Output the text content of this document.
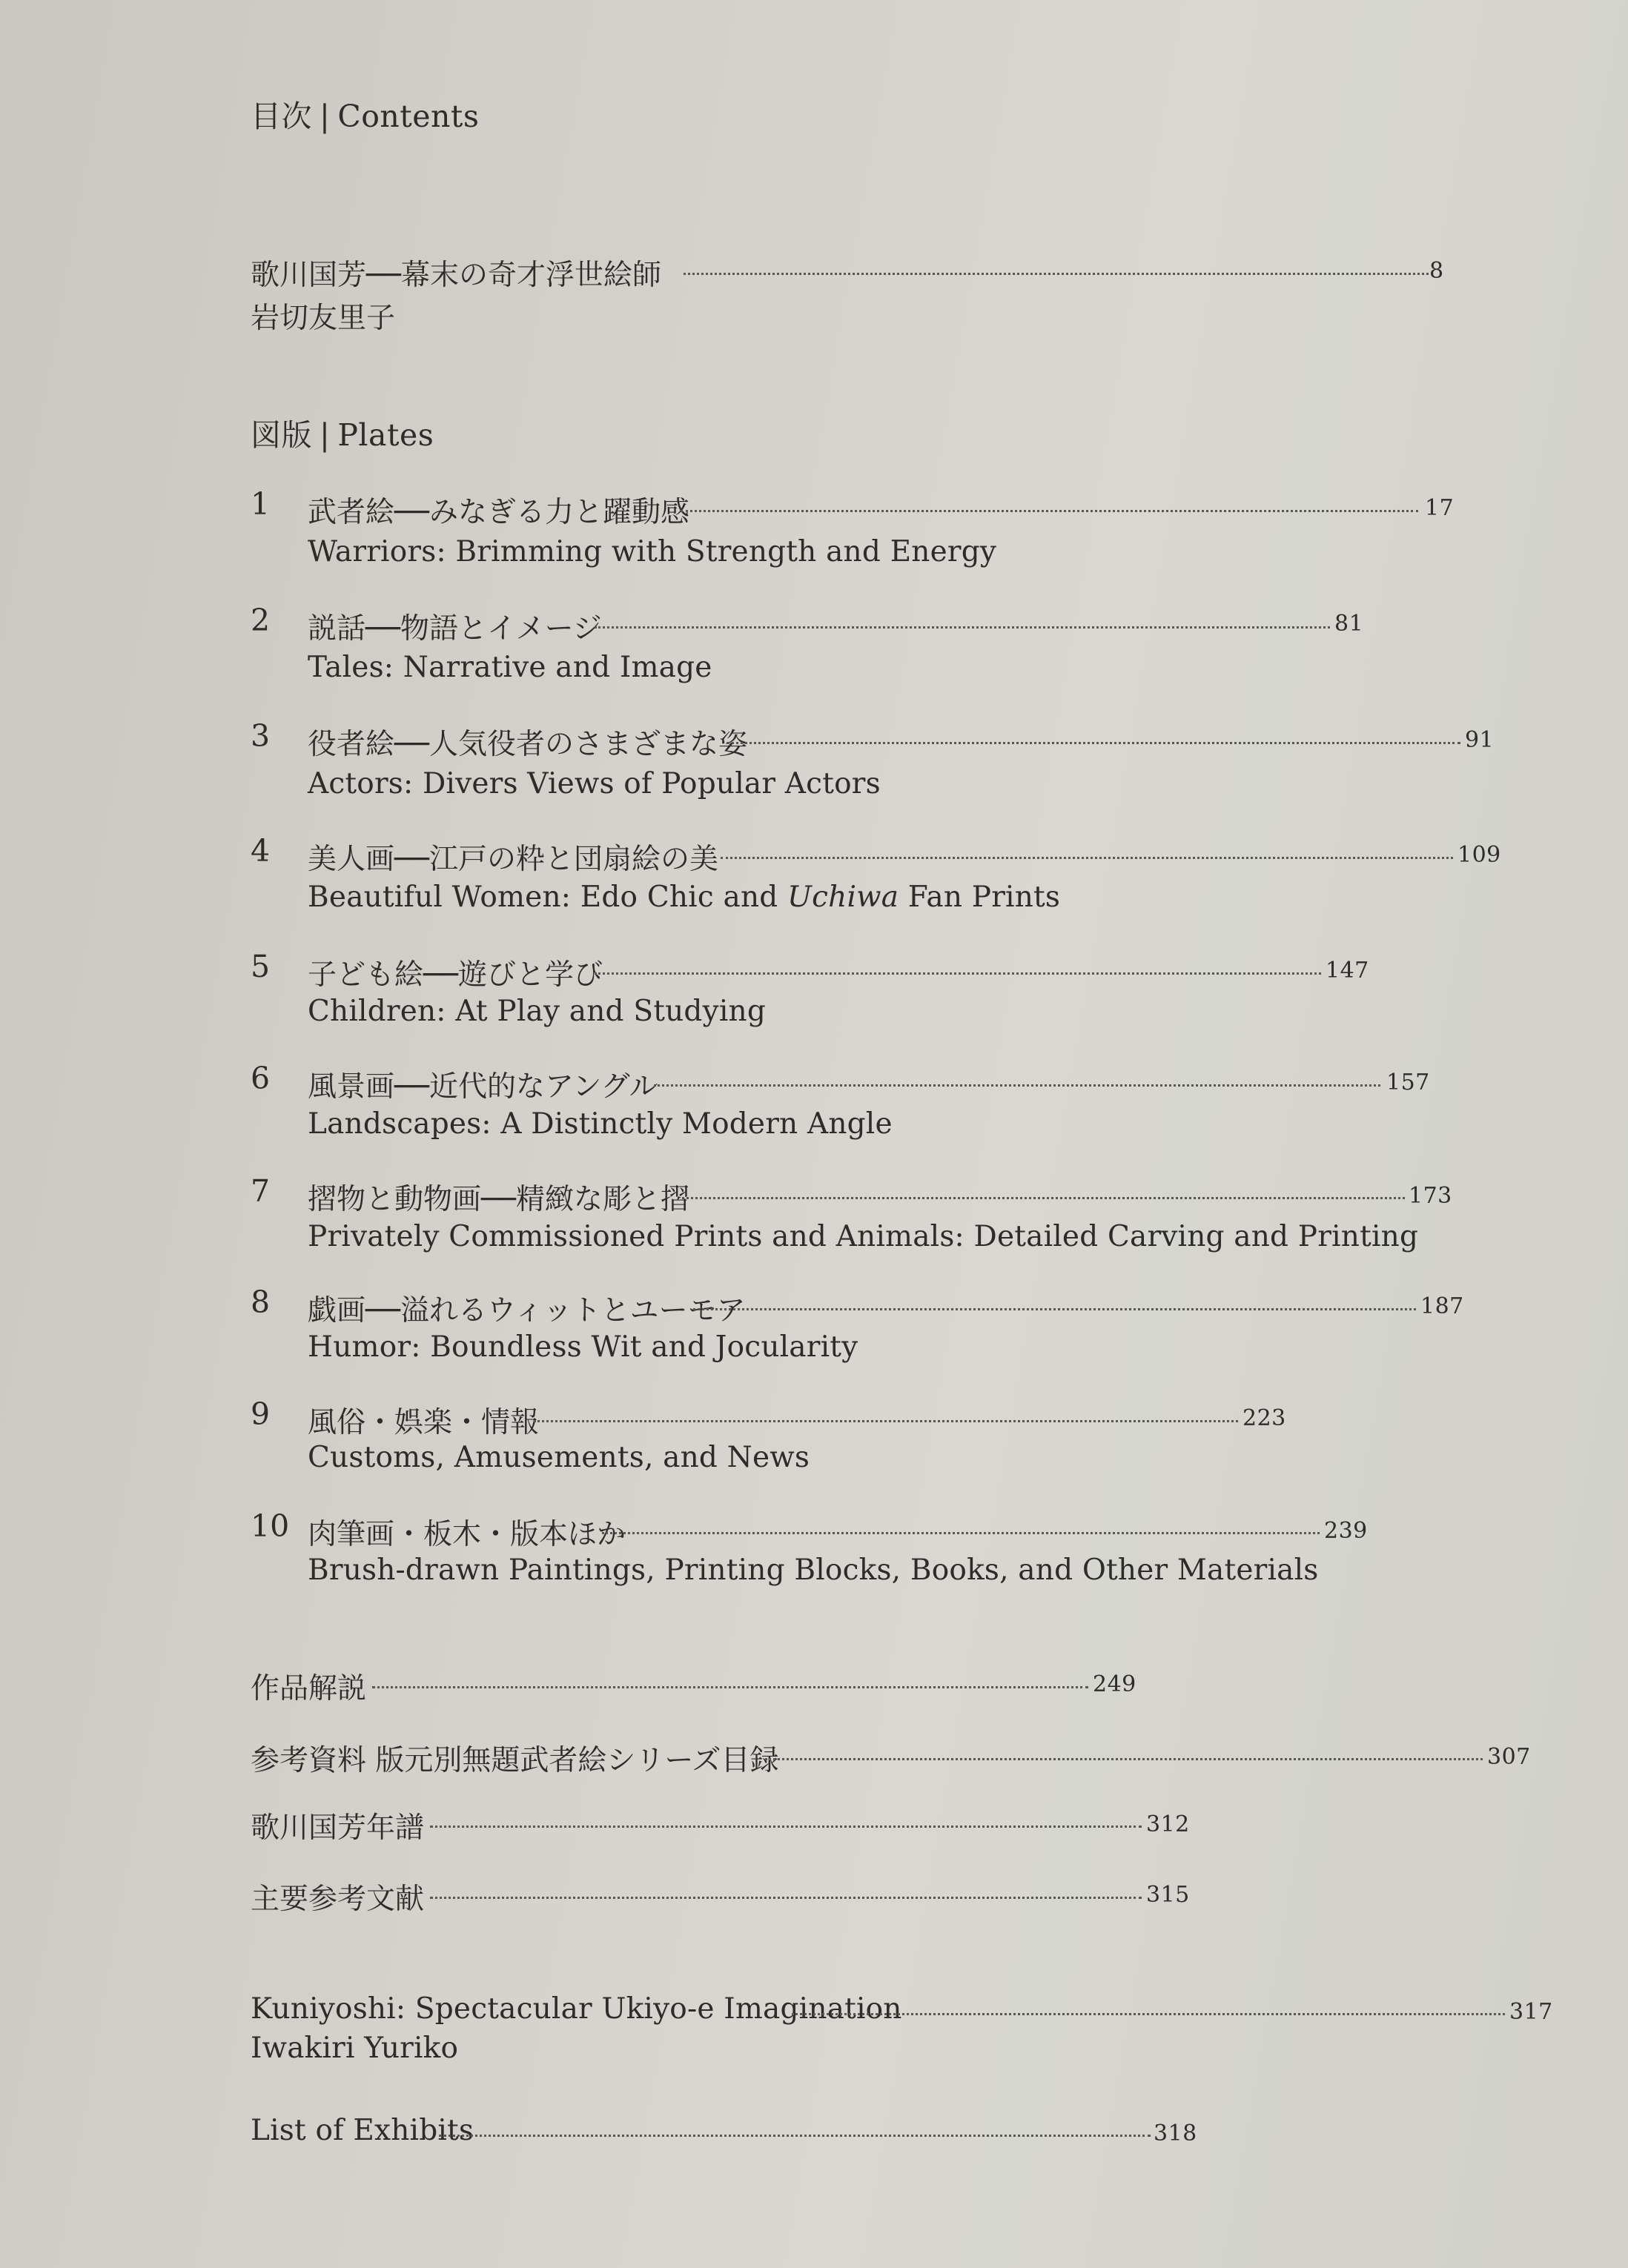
目次 | Contents
歌川国芳──幕末の奇才浮世絵師	8
岩切友里子
図版 | Plates
1 武者絵──みなぎる力と躍動感	17
Warriors: Brimming with Strength and Energy
2 説話──物語とイメージ	81
Tales: Narrative and Image
3 役者絵──人気役者のさまざまな姿	91
Actors: Divers Views of Popular Actors
4 美人画──江戸の粋と団扇絵の美	109
Beautiful Women: Edo Chic and Uchiwa Fan Prints
5 子ども絵──遊びと学び	147
Children: At Play and Studying
6 風景画──近代的なアングル	157
Landscapes: A Distinctly Modern Angle
7 摺物と動物画──精緻な彫と摺	173
Privately Commissioned Prints and Animals: Detailed Carving and Printing
8 戯画──溢れるウィットとユーモア	187
Humor: Boundless Wit and Jocularity
9 風俗・娯楽・情報	223
Customs, Amusements, and News
10 肉筆画・板木・版本ほか	239
Brush-drawn Paintings, Printing Blocks, Books, and Other Materials
作品解説	249
参考資料 版元別無題武者絵シリーズ目録	307
歌川国芳年譜	312
主要参考文献	315
Kuniyoshi: Spectacular Ukiyo-e Imagination	317
Iwakiri Yuriko
List of Exhibits	318
